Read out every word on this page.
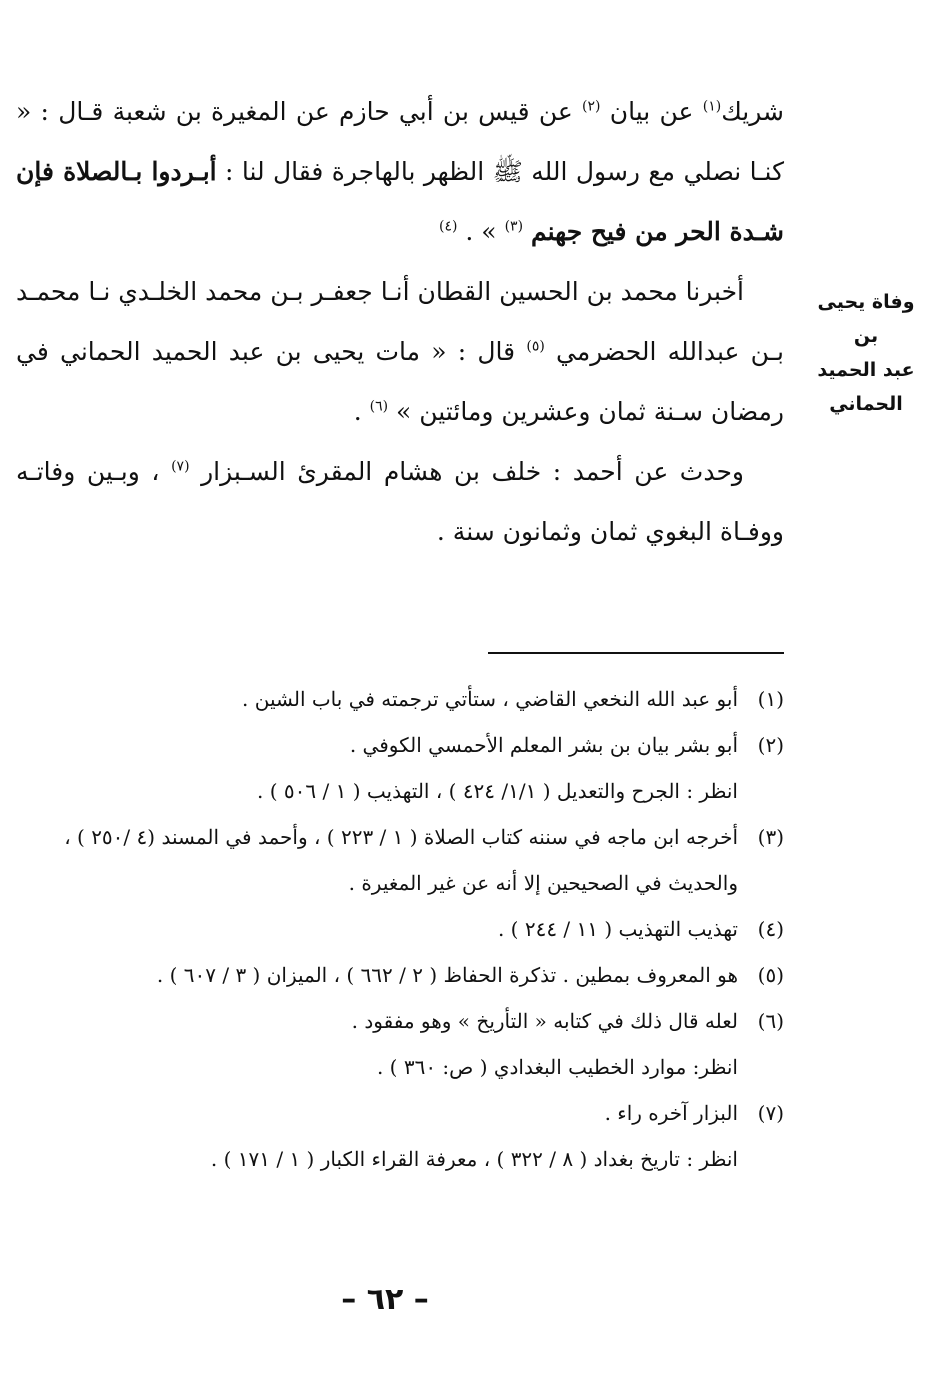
شريك$^{(١)}$ عن بيان $^{(٢)}$ عن قيس بن أبي حازم عن المغيرة بن شعبة قـال : « كنـا نصلي مع رسول الله ﷺ الظهر بالهاجرة فقال لنا : أبـردوا بـالصلاة فإن شـدة الحر من فيح جهنم $^{(٣)}$ » . $^{(٤)}$

أخبرنا محمد بن الحسين القطان أنـا جعفـر بـن محمد الخلـدي نـا محمـد بـن عبدالله الحضرمي $^{(٥)}$ قال : « مات يحيى بن عبد الحميد الحماني في رمضان سـنة ثمان وعشرين ومائتين » $^{(٦)}$ .

وحدث عن أحمد : خلف بن هشام المقرئ السـبزار $^{(٧)}$ ، وبـين وفاتـه ووفـاة البغوي ثمان وثمانون سنة .

وفاة يحيى بن
عبد الحميد
الحماني
(١)
أبو عبد الله النخعي القاضي ، ستأتي ترجمته في باب الشين .
(٢)
أبو بشر بيان بن بشر المعلم الأحمسي الكوفي .
انظر : الجرح والتعديل ( ١/١/ ٤٢٤ ) ، التهذيب ( ١ / ٥٠٦ ) .
(٣)
أخرجه ابن ماجه في سننه كتاب الصلاة ( ١ / ٢٢٣ ) ، وأحمد في المسند (٤ /٢٥٠ ) ،
والحديث في الصحيحين إلا أنه عن غير المغيرة .
(٤)
تهذيب التهذيب ( ١١ / ٢٤٤ ) .
(٥)
هو المعروف بمطين . تذكرة الحفاظ ( ٢ / ٦٦٢ ) ، الميزان ( ٣ / ٦٠٧ ) .
(٦)
لعله قال ذلك في كتابه « التأريخ » وهو مفقود .
انظر: موارد الخطيب البغدادي ( ص: ٣٦٠ ) .
(٧)
البزار آخره راء .
انظر : تاريخ بغداد ( ٨ / ٣٢٢ ) ، معرفة القراء الكبار ( ١ / ١٧١ ) .
– ٦٢ –
